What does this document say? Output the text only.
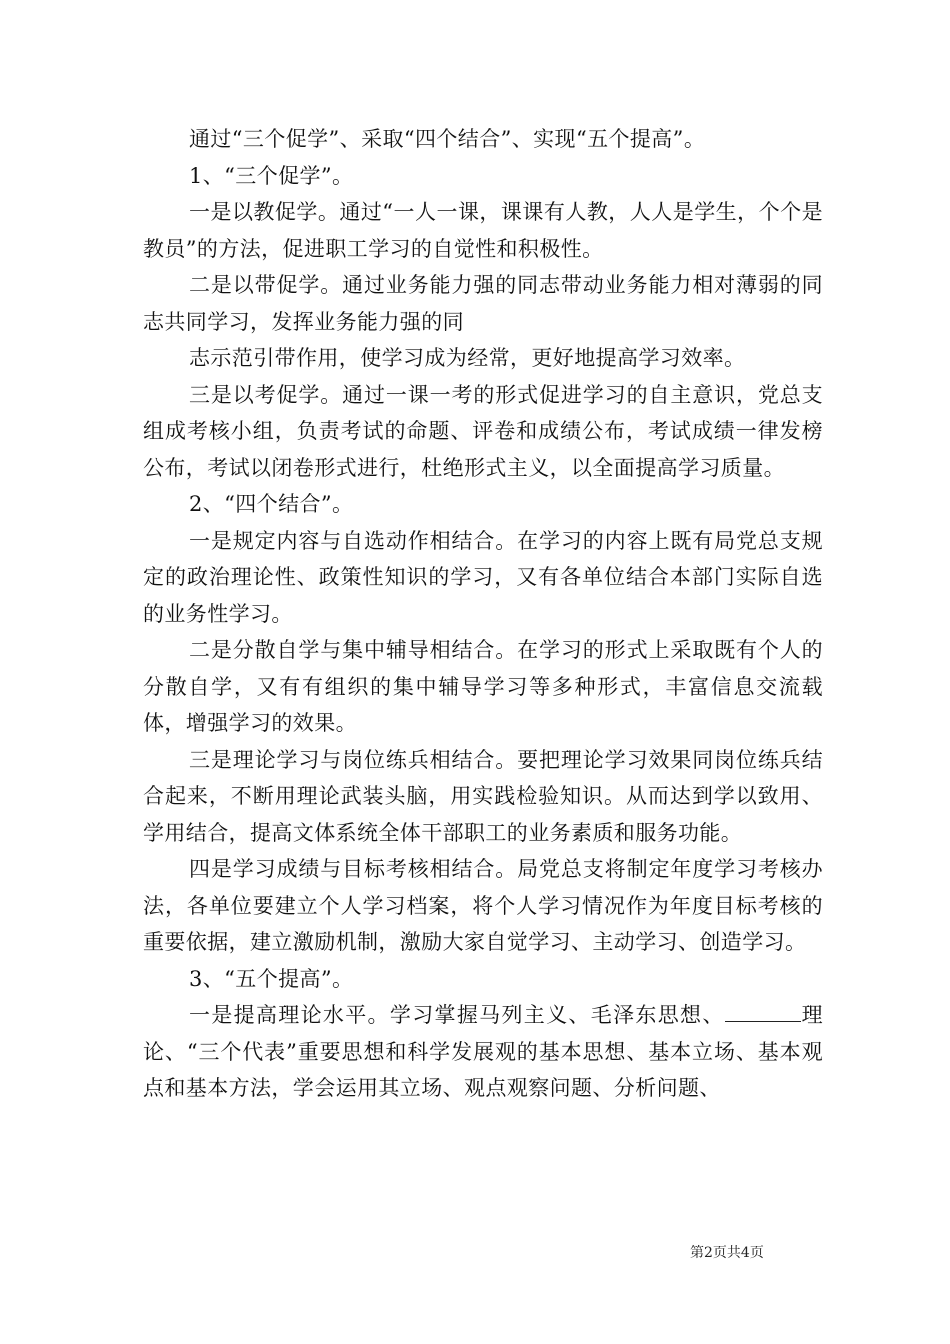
通过“三个促学”、采取“四个结合”、实现“五个提高”。

1、“三个促学”。

一是以教促学。通过“一人一课，课课有人教，人人是学生，个个是教员”的方法，促进职工学习的自觉性和积极性。

二是以带促学。通过业务能力强的同志带动业务能力相对薄弱的同志共同学习，发挥业务能力强的同

志示范引带作用，使学习成为经常，更好地提高学习效率。

三是以考促学。通过一课一考的形式促进学习的自主意识，党总支组成考核小组，负责考试的命题、评卷和成绩公布，考试成绩一律发榜公布，考试以闭卷形式进行，杜绝形式主义，以全面提高学习质量。

2、“四个结合”。

一是规定内容与自选动作相结合。在学习的内容上既有局党总支规定的政治理论性、政策性知识的学习，又有各单位结合本部门实际自选的业务性学习。

二是分散自学与集中辅导相结合。在学习的形式上采取既有个人的分散自学，又有有组织的集中辅导学习等多种形式，丰富信息交流载体，增强学习的效果。

三是理论学习与岗位练兵相结合。要把理论学习效果同岗位练兵结合起来，不断用理论武装头脑，用实践检验知识。从而达到学以致用、学用结合，提高文体系统全体干部职工的业务素质和服务功能。

四是学习成绩与目标考核相结合。局党总支将制定年度学习考核办法，各单位要建立个人学习档案，将个人学习情况作为年度目标考核的重要依据，建立激励机制，激励大家自觉学习、主动学习、创造学习。

3、“五个提高”。

一是提高理论水平。学习掌握马列主义、毛泽东思想、	理论、“三个代表”重要思想和科学发展观的基本思想、基本立场、基本观点和基本方法，学会运用其立场、观点观察问题、分析问题、

第2页共4页
